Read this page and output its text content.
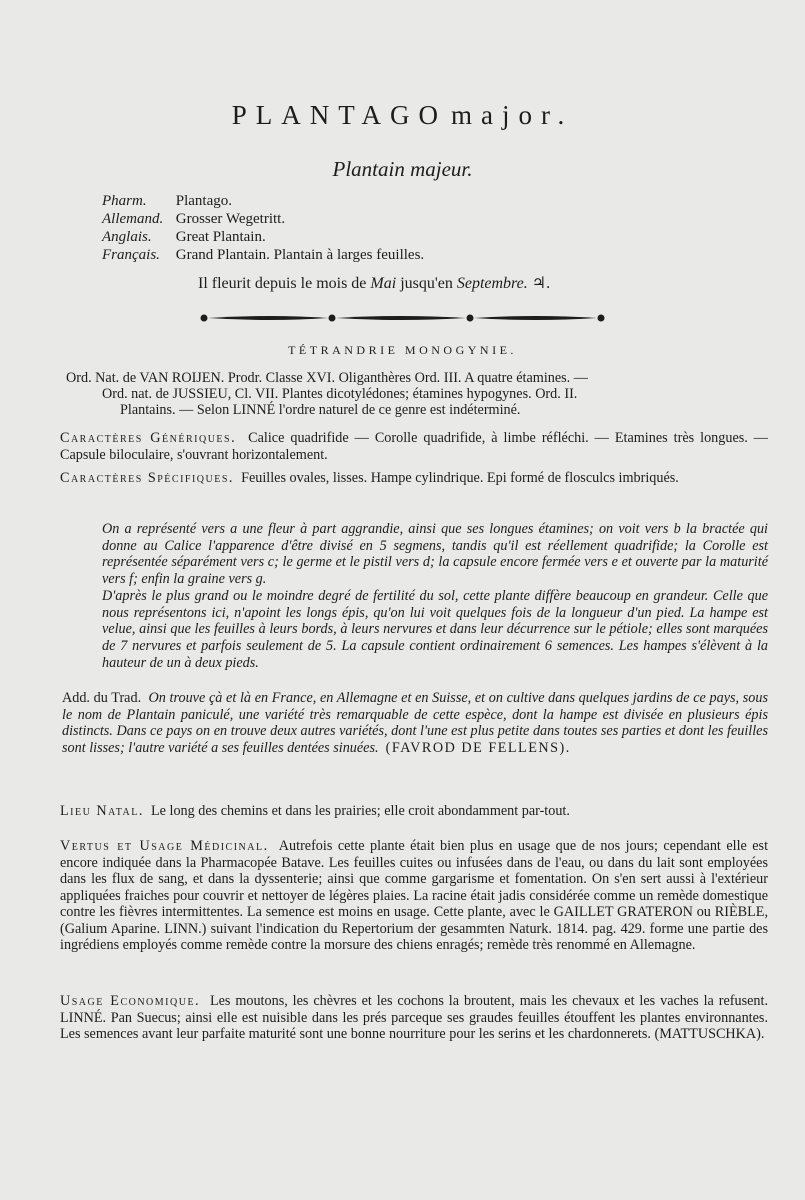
PLANTAGO major.
Plantain majeur.
Pharm. Plantago.
Allemand. Grosser Wegetritt.
Anglais. Great Plantain.
Français. Grand Plantain. Plantain à larges feuilles.
Il fleurit depuis le mois de Mai jusqu'en Septembre. ♃.
TÉTRANDRIE MONOGYNIE.

Ord. Nat. de VAN ROIJEN. Prodr. Classe XVI. Oliganthères Ord. III. A quatre étamines. —

Ord. nat. de JUSSIEU, Cl. VII. Plantes dicotylédones; étamines hypogynes. Ord. II.

Plantains. — Selon LINNÉ l'ordre naturel de ce genre est indéterminé.

Caractères Génériques. Calice quadrifide — Corolle quadrifide, à limbe réfléchi. — Etamines très longues. — Capsule biloculaire, s'ouvrant horizontalement.

Caractères Spécifiques. Feuilles ovales, lisses. Hampe cylindrique. Epi formé de flosculcs imbriqués.

On a représenté vers a une fleur à part aggrandie, ainsi que ses longues étamines; on voit vers b la bractée qui donne au Calice l'apparence d'être divisé en 5 segmens, tandis qu'il est réellement quadrifide; la Corolle est représentée séparément vers c; le germe et le pistil vers d; la capsule encore fermée vers e et ouverte par la maturité vers f; enfin la graine vers g.

D'après le plus grand ou le moindre degré de fertilité du sol, cette plante diffère beaucoup en grandeur. Celle que nous représentons ici, n'apoint les longs épis, qu'on lui voit quelques fois de la longueur d'un pied. La hampe est velue, ainsi que les feuilles à leurs bords, à leurs nervures et dans leur décurrence sur le pétiole; elles sont marquées de 7 nervures et parfois seulement de 5. La capsule contient ordinairement 6 semences. Les hampes s'élèvent à la hauteur de un à deux pieds.

Add. du Trad. On trouve çà et là en France, en Allemagne et en Suisse, et on cultive dans quelques jardins de ce pays, sous le nom de Plantain paniculé, une variété très remarquable de cette espèce, dont la hampe est divisée en plusieurs épis distincts. Dans ce pays on en trouve deux autres variétés, dont l'une est plus petite dans toutes ses parties et dont les feuilles sont lisses; l'autre variété a ses feuilles dentées sinuées. (FAVROD DE FELLENS).

Lieu Natal. Le long des chemins et dans les prairies; elle croit abondamment par-tout.

Vertus et Usage Médicinal. Autrefois cette plante était bien plus en usage que de nos jours; cependant elle est encore indiquée dans la Pharmacopée Batave. Les feuilles cuites ou infusées dans de l'eau, ou dans du lait sont employées dans les flux de sang, et dans la dyssenterie; ainsi que comme gargarisme et fomentation. On s'en sert aussi à l'extérieur appliquées fraiches pour couvrir et nettoyer de légères plaies. La racine était jadis considérée comme un remède domestique contre les fièvres intermittentes. La semence est moins en usage. Cette plante, avec le GAILLET GRATERON ou RIÈBLE, (Galium Aparine. LINN.) suivant l'indication du Repertorium der gesammten Naturk. 1814. pag. 429. forme une partie des ingrédiens employés comme remède contre la morsure des chiens enragés; remède très renommé en Allemagne.

Usage Economique. Les moutons, les chèvres et les cochons la broutent, mais les chevaux et les vaches la refusent. LINNÉ. Pan Suecus; ainsi elle est nuisible dans les prés parceque ses graudes feuilles étouffent les plantes environnantes. Les semences avant leur parfaite maturité sont une bonne nourriture pour les serins et les chardonnerets. (MATTUSCHKA).
